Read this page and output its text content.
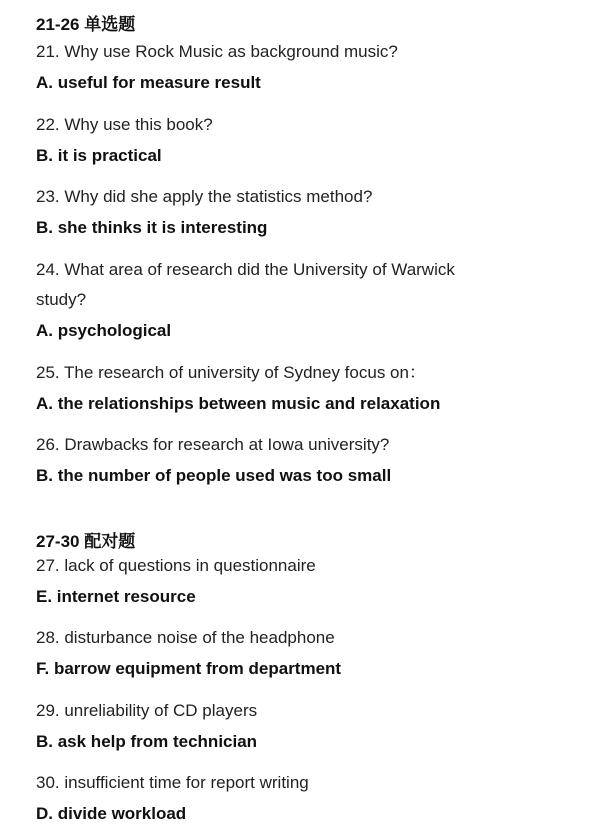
21-26 单选题
21. Why use Rock Music as background music?
A. useful for measure result
22. Why use this book?
B. it is practical
23. Why did she apply the statistics method?
B. she thinks it is interesting
24. What area of research did the University of Warwick study?
A. psychological
25. The research of university of Sydney focus on：
A. the relationships between music and relaxation
26. Drawbacks for research at Iowa university?
B. the number of people used was too small
27-30 配对题
27. lack of questions in questionnaire
E. internet resource
28. disturbance noise of the headphone
F. barrow equipment from department
29. unreliability of CD players
B. ask help from technician
30. insufficient time for report writing
D. divide workload
